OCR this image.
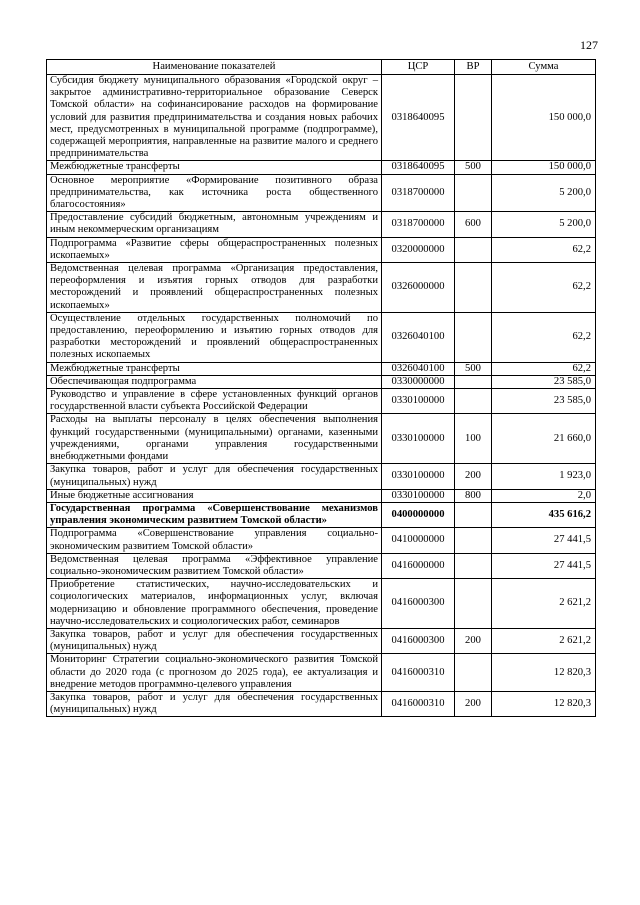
127
Наименование показателей	ЦСР	ВР	Сумма
Субсидия бюджету муниципального образования «Городской округ – закрытое административно-территориальное образование Северск Томской области» на софинансирование расходов на формирование условий для развития предпринимательства и создания новых рабочих мест, предусмотренных в муниципальной программе (подпрограмме), содержащей мероприятия, направленные на развитие малого и среднего предпринимательства	0318640095		150 000,0
Межбюджетные трансферты	0318640095	500	150 000,0
Основное мероприятие «Формирование позитивного образа предпринимательства, как источника роста общественного благосостояния»	0318700000		5 200,0
Предоставление субсидий бюджетным, автономным учреждениям и иным некоммерческим организациям	0318700000	600	5 200,0
Подпрограмма «Развитие сферы общераспространенных полезных ископаемых»	0320000000		62,2
Ведомственная целевая программа «Организация предоставления, переоформления и изъятия горных отводов для разработки месторождений и проявлений общераспространенных полезных ископаемых»	0326000000		62,2
Осуществление отдельных государственных полномочий по предоставлению, переоформлению и изъятию горных отводов для разработки месторождений и проявлений общераспространенных полезных ископаемых	0326040100		62,2
Межбюджетные трансферты	0326040100	500	62,2
Обеспечивающая подпрограмма	0330000000		23 585,0
Руководство и управление в сфере установленных функций органов государственной власти субъекта Российской Федерации	0330100000		23 585,0
Расходы на выплаты персоналу в целях обеспечения выполнения функций государственными (муниципальными) органами, казенными учреждениями, органами управления государственными внебюджетными фондами	0330100000	100	21 660,0
Закупка товаров, работ и услуг для обеспечения государственных (муниципальных) нужд	0330100000	200	1 923,0
Иные бюджетные ассигнования	0330100000	800	2,0
Государственная программа «Совершенствование механизмов управления экономическим развитием Томской области»	0400000000		435 616,2
Подпрограмма «Совершенствование управления социально-экономическим развитием Томской области»	0410000000		27 441,5
Ведомственная целевая программа «Эффективное управление социально-экономическим развитием Томской области»	0416000000		27 441,5
Приобретение статистических, научно-исследовательских и социологических материалов, информационных услуг, включая модернизацию и обновление программного обеспечения, проведение научно-исследовательских и социологических работ, семинаров	0416000300		2 621,2
Закупка товаров, работ и услуг для обеспечения государственных (муниципальных) нужд	0416000300	200	2 621,2
Мониторинг Стратегии социально-экономического развития Томской области до 2020 года (с прогнозом до 2025 года), ее актуализация и внедрение методов программно-целевого управления	0416000310		12 820,3
Закупка товаров, работ и услуг для обеспечения государственных (муниципальных) нужд	0416000310	200	12 820,3
